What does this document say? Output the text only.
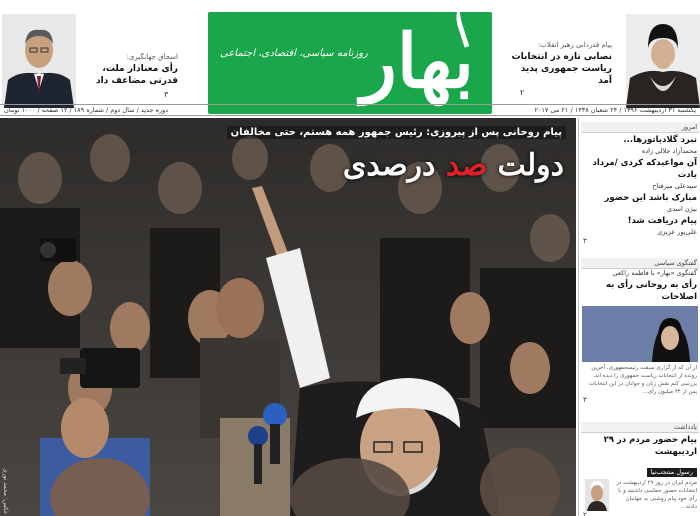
اسحاق جهانگیری:
رأی معنادار ملت،
قدرتی مضاعف داد
۳	بهار
روزنامه سیاسی، اقتصادی، اجتماعی
پیام قدردانی رهبر انقلاب:
نصابی تازه در انتخابات
ریاست جمهوری پدید آمد
۲
یکشنبه ۳۱ اردیبهشت ۱۳۹۶ / ۲۴ شعبان ۱۴۳۸ / ۲۱ می ۲۰۱۷
دوره جدید / سال دوم / شماره ۱۸۹ / ۱۲ صفحه / ۱۰۰۰ تومان
پیام روحانی پس از پیروزی: رئیس جمهور همه هستم، حتی مخالفان
دولت صد درصدی
عکس: محمد نوری
امروز
نبرد گلادیاتورها...
محمدآزاد جلالی زاده
آن مواعیدکه کردی /مرداد یادت
سیدعلی میرفتاح
مبارک باشد این حضور
بیژن اسدی
پیام دریافت شد!
علی‌پور عزیزی
۳
گفتگوی سیاسی
گفتگوی «بهار» با فاطمه راکعی
رأی به روحانی رأی به اصلاحات
از آن که از گزاری سبقت رئیسجمهوری، آخرین رونده از انتخابات ریاست جمهوری را دیده اند، بررسی کنم نقش زنان و جوانان در این انتخابات پس از ۴۴ میلیون رأی...
۳
یادداشت
پیام حضور مردم در ۲۹ اردیبهشت
رسول منتجب‌نیا
مردم ایران در روز ۲۹ اردیبهشت در انتخابات حضور حماسی داشتند و با رأی خود پیام روشنی به جهانیان دادند...
۲
